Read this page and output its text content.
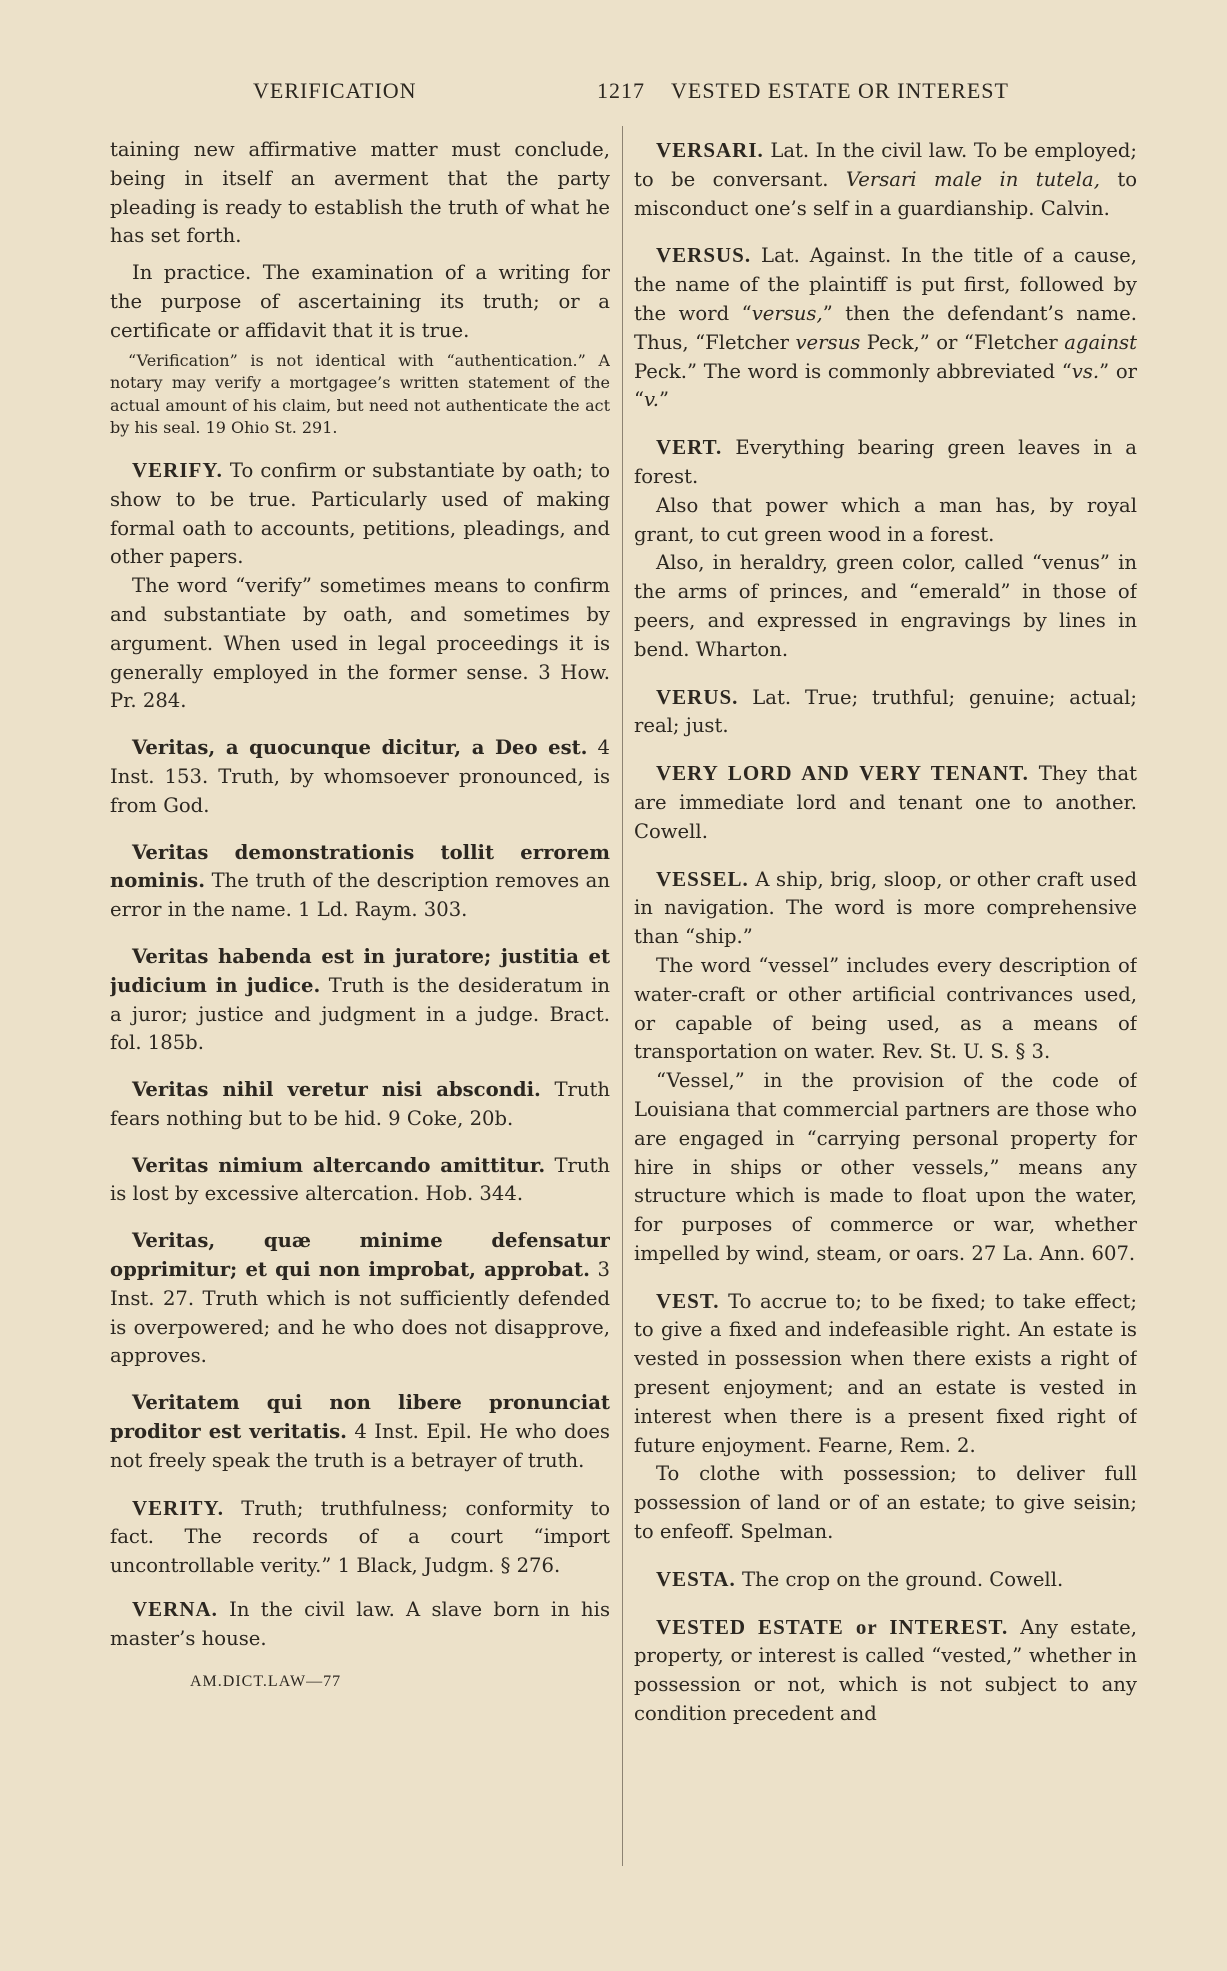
VERIFICATION	1217 VESTED ESTATE OR INTEREST

taining new affirmative matter must conclude, being in itself an averment that the party pleading is ready to establish the truth of what he has set forth.

In practice. The examination of a writing for the purpose of ascertaining its truth; or a certificate or affidavit that it is true.

“Verification” is not identical with “authentication.” A notary may verify a mortgagee’s written statement of the actual amount of his claim, but need not authenticate the act by his seal. 19 Ohio St. 291.

VERIFY. To confirm or substantiate by oath; to show to be true. Particularly used of making formal oath to accounts, petitions, pleadings, and other papers.

The word “verify” sometimes means to confirm and substantiate by oath, and sometimes by argument. When used in legal proceedings it is generally employed in the former sense. 3 How. Pr. 284.

Veritas, a quocunque dicitur, a Deo est. 4 Inst. 153. Truth, by whomsoever pronounced, is from God.

Veritas demonstrationis tollit errorem nominis. The truth of the description removes an error in the name. 1 Ld. Raym. 303.

Veritas habenda est in juratore; justitia et judicium in judice. Truth is the desideratum in a juror; justice and judgment in a judge. Bract. fol. 185b.

Veritas nihil veretur nisi abscondi. Truth fears nothing but to be hid. 9 Coke, 20b.

Veritas nimium altercando amittitur. Truth is lost by excessive altercation. Hob. 344.

Veritas, quæ minime defensatur opprimitur; et qui non improbat, approbat. 3 Inst. 27. Truth which is not sufficiently defended is overpowered; and he who does not disapprove, approves.

Veritatem qui non libere pronunciat proditor est veritatis. 4 Inst. Epil. He who does not freely speak the truth is a betrayer of truth.

VERITY. Truth; truthfulness; conformity to fact. The records of a court “import uncontrollable verity.” 1 Black, Judgm. § 276.

VERNA. In the civil law. A slave born in his master’s house.

AM.DICT.LAW—77

VERSARI. Lat. In the civil law. To be employed; to be conversant. Versari male in tutela, to misconduct one’s self in a guardianship. Calvin.

VERSUS. Lat. Against. In the title of a cause, the name of the plaintiff is put first, followed by the word “versus,” then the defendant’s name. Thus, “Fletcher versus Peck,” or “Fletcher against Peck.” The word is commonly abbreviated “vs.” or “v.”

VERT. Everything bearing green leaves in a forest.

Also that power which a man has, by royal grant, to cut green wood in a forest.

Also, in heraldry, green color, called “venus” in the arms of princes, and “emerald” in those of peers, and expressed in engravings by lines in bend. Wharton.

VERUS. Lat. True; truthful; genuine; actual; real; just.

VERY LORD AND VERY TENANT. They that are immediate lord and tenant one to another. Cowell.

VESSEL. A ship, brig, sloop, or other craft used in navigation. The word is more comprehensive than “ship.”

The word “vessel” includes every description of water-craft or other artificial contrivances used, or capable of being used, as a means of transportation on water. Rev. St. U. S. § 3.

“Vessel,” in the provision of the code of Louisiana that commercial partners are those who are engaged in “carrying personal property for hire in ships or other vessels,” means any structure which is made to float upon the water, for purposes of commerce or war, whether impelled by wind, steam, or oars. 27 La. Ann. 607.

VEST. To accrue to; to be fixed; to take effect; to give a fixed and indefeasible right. An estate is vested in possession when there exists a right of present enjoyment; and an estate is vested in interest when there is a present fixed right of future enjoyment. Fearne, Rem. 2.

To clothe with possession; to deliver full possession of land or of an estate; to give seisin; to enfeoff. Spelman.

VESTA. The crop on the ground. Cowell.

VESTED ESTATE or INTEREST. Any estate, property, or interest is called “vested,” whether in possession or not, which is not subject to any condition precedent and
